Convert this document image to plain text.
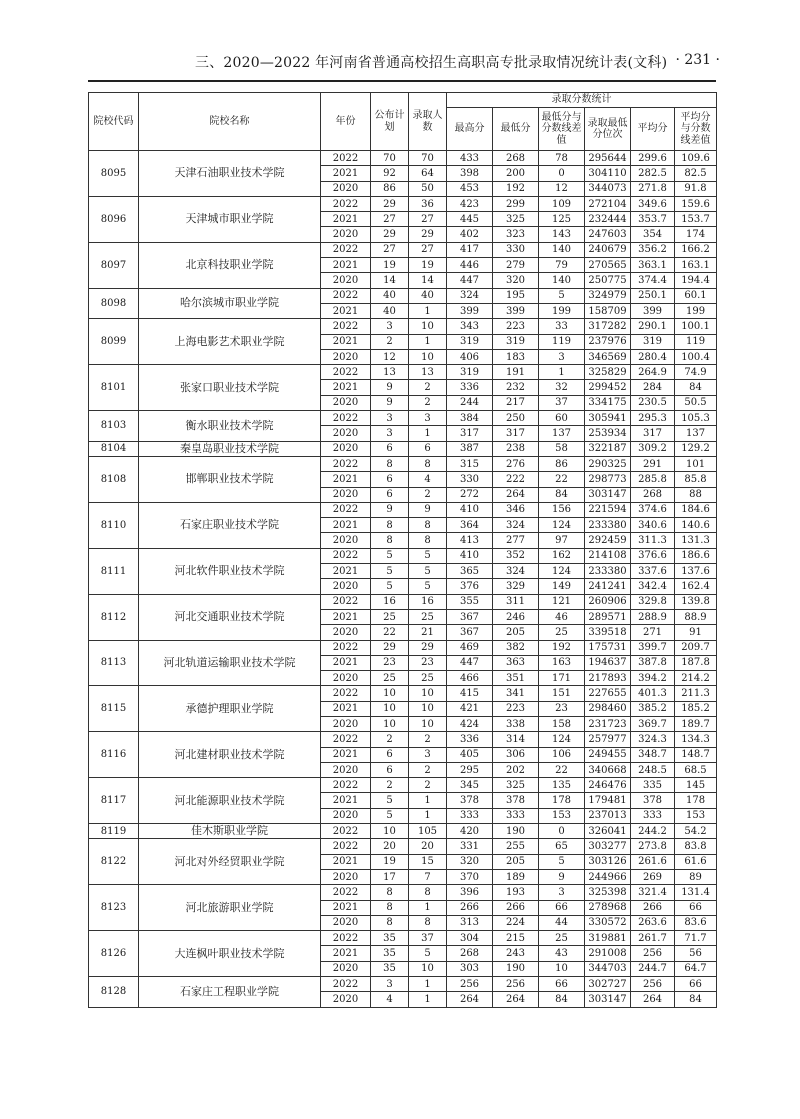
三、2020—2022 年河南省普通高校招生高职高专批录取情况统计表(文科) · 231 ·
院校代码	院校名称	年份	公布计划	录取人数	录取分数统计					
					最高分	最低分	最低分与分数线差值	录取最低分位次	平均分	平均分与分数线差值
8095	天津石油职业技术学院	2022	70	70	433	268	78	295644	299.6	109.6
		2021	92	64	398	200	0	304110	282.5	82.5
		2020	86	50	453	192	12	344073	271.8	91.8
8096	天津城市职业学院	2022	29	36	423	299	109	272104	349.6	159.6
		2021	27	27	445	325	125	232444	353.7	153.7
		2020	29	29	402	323	143	247603	354	174
8097	北京科技职业学院	2022	27	27	417	330	140	240679	356.2	166.2
		2021	19	19	446	279	79	270565	363.1	163.1
		2020	14	14	447	320	140	250775	374.4	194.4
8098	哈尔滨城市职业学院	2022	40	40	324	195	5	324979	250.1	60.1
		2021	40	1	399	399	199	158709	399	199
8099	上海电影艺术职业学院	2022	3	10	343	223	33	317282	290.1	100.1
		2021	2	1	319	319	119	237976	319	119
		2020	12	10	406	183	3	346569	280.4	100.4
8101	张家口职业技术学院	2022	13	13	319	191	1	325829	264.9	74.9
		2021	9	2	336	232	32	299452	284	84
		2020	9	2	244	217	37	334175	230.5	50.5
8103	衡水职业技术学院	2022	3	3	384	250	60	305941	295.3	105.3
		2020	3	1	317	317	137	253934	317	137
8104	秦皇岛职业技术学院	2020	6	6	387	238	58	322187	309.2	129.2
8108	邯郸职业技术学院	2022	8	8	315	276	86	290325	291	101
		2021	6	4	330	222	22	298773	285.8	85.8
		2020	6	2	272	264	84	303147	268	88
8110	石家庄职业技术学院	2022	9	9	410	346	156	221594	374.6	184.6
		2021	8	8	364	324	124	233380	340.6	140.6
		2020	8	8	413	277	97	292459	311.3	131.3
8111	河北软件职业技术学院	2022	5	5	410	352	162	214108	376.6	186.6
		2021	5	5	365	324	124	233380	337.6	137.6
		2020	5	5	376	329	149	241241	342.4	162.4
8112	河北交通职业技术学院	2022	16	16	355	311	121	260906	329.8	139.8
		2021	25	25	367	246	46	289571	288.9	88.9
		2020	22	21	367	205	25	339518	271	91
8113	河北轨道运输职业技术学院	2022	29	29	469	382	192	175731	399.7	209.7
		2021	23	23	447	363	163	194637	387.8	187.8
		2020	25	25	466	351	171	217893	394.2	214.2
8115	承德护理职业学院	2022	10	10	415	341	151	227655	401.3	211.3
		2021	10	10	421	223	23	298460	385.2	185.2
		2020	10	10	424	338	158	231723	369.7	189.7
8116	河北建材职业技术学院	2022	2	2	336	314	124	257977	324.3	134.3
		2021	6	3	405	306	106	249455	348.7	148.7
		2020	6	2	295	202	22	340668	248.5	68.5
8117	河北能源职业技术学院	2022	2	2	345	325	135	246476	335	145
		2021	5	1	378	378	178	179481	378	178
		2020	5	1	333	333	153	237013	333	153
8119	佳木斯职业学院	2022	10	105	420	190	0	326041	244.2	54.2
8122	河北对外经贸职业学院	2022	20	20	331	255	65	303277	273.8	83.8
		2021	19	15	320	205	5	303126	261.6	61.6
		2020	17	7	370	189	9	244966	269	89
8123	河北旅游职业学院	2022	8	8	396	193	3	325398	321.4	131.4
		2021	8	1	266	266	66	278968	266	66
		2020	8	8	313	224	44	330572	263.6	83.6
8126	大连枫叶职业技术学院	2022	35	37	304	215	25	319881	261.7	71.7
		2021	35	5	268	243	43	291008	256	56
		2020	35	10	303	190	10	344703	244.7	64.7
8128	石家庄工程职业学院	2022	3	1	256	256	66	302727	256	66
		2020	4	1	264	264	84	303147	264	84
